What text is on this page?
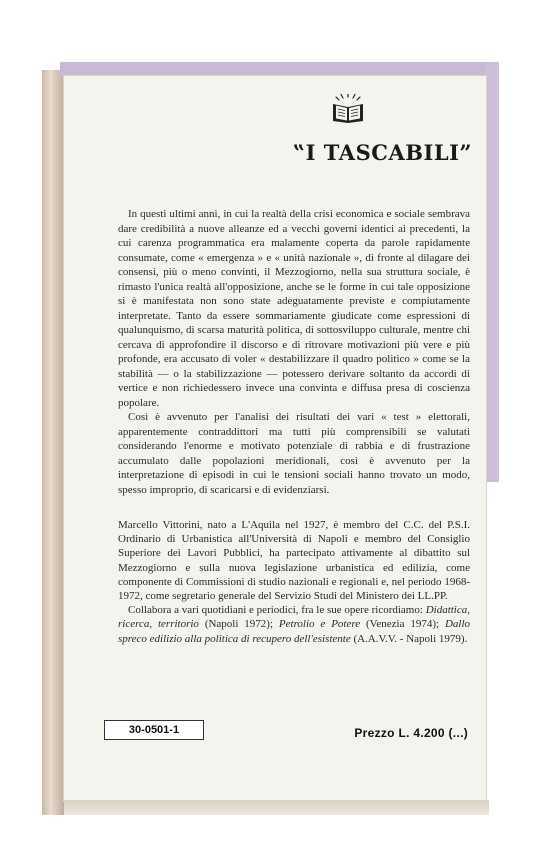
‟I TASCABILI”

In questi ultimi anni, in cui la realtà della crisi economica e sociale sembrava dare credibilità a nuove alleanze ed a vecchi governi identici ai precedenti, la cui carenza programmatica era malamente coperta da parole rapidamente consumate, come « emergenza » e « unità nazionale », di fronte al dilagare dei consensi, più o meno convinti, il Mezzogiorno, nella sua struttura sociale, è rimasto l'unica realtà all'opposizione, anche se le forme in cui tale opposizione si è manifestata non sono state adeguatamente previste e compiutamente interpretate. Tanto da essere sommariamente giudicate come espressioni di qualunquismo, di scarsa maturità politica, di sottosviluppo culturale, mentre chi cercava di approfondire il discorso e di ritrovare motivazioni più vere e più profonde, era accusato di voler « destabilizzare il quadro politico » come se la stabilità — o la stabilizzazione — potessero derivare soltanto da accordi di vertice e non richiedessero invece una convinta e diffusa presa di coscienza popolare.

Così è avvenuto per l'analisi dei risultati dei vari « test » elettorali, apparentemente contraddittori ma tutti più comprensibili se valutati considerando l'enorme e motivato potenziale di rabbia e di frustrazione accumulato dalle popolazioni meridionali, così è avvenuto per la interpretazione di episodi in cui le tensioni sociali hanno trovato un modo, spesso improprio, di scaricarsi e di evidenziarsi.

Marcello Vittorini, nato a L'Aquila nel 1927, è membro del C.C. del P.S.I. Ordinario di Urbanistica all'Università di Napoli e membro del Consiglio Superiore dei Lavori Pubblici, ha partecipato attivamente al dibattito sul Mezzogiorno e sulla nuova legislazione urbanistica ed edilizia, come componente di Commissioni di studio nazionali e regionali e, nel periodo 1968-1972, come segretario generale del Servizio Studi del Ministero dei LL.PP.

Collabora a vari quotidiani e periodici, fra le sue opere ricordiamo: Didattica, ricerca, territorio (Napoli 1972); Petrolio e Potere (Venezia 1974); Dallo spreco edilizio alla politica di recupero dell'esistente (A.A.V.V. - Napoli 1979).

30-0501-1	Prezzo L. 4.200 (...)
